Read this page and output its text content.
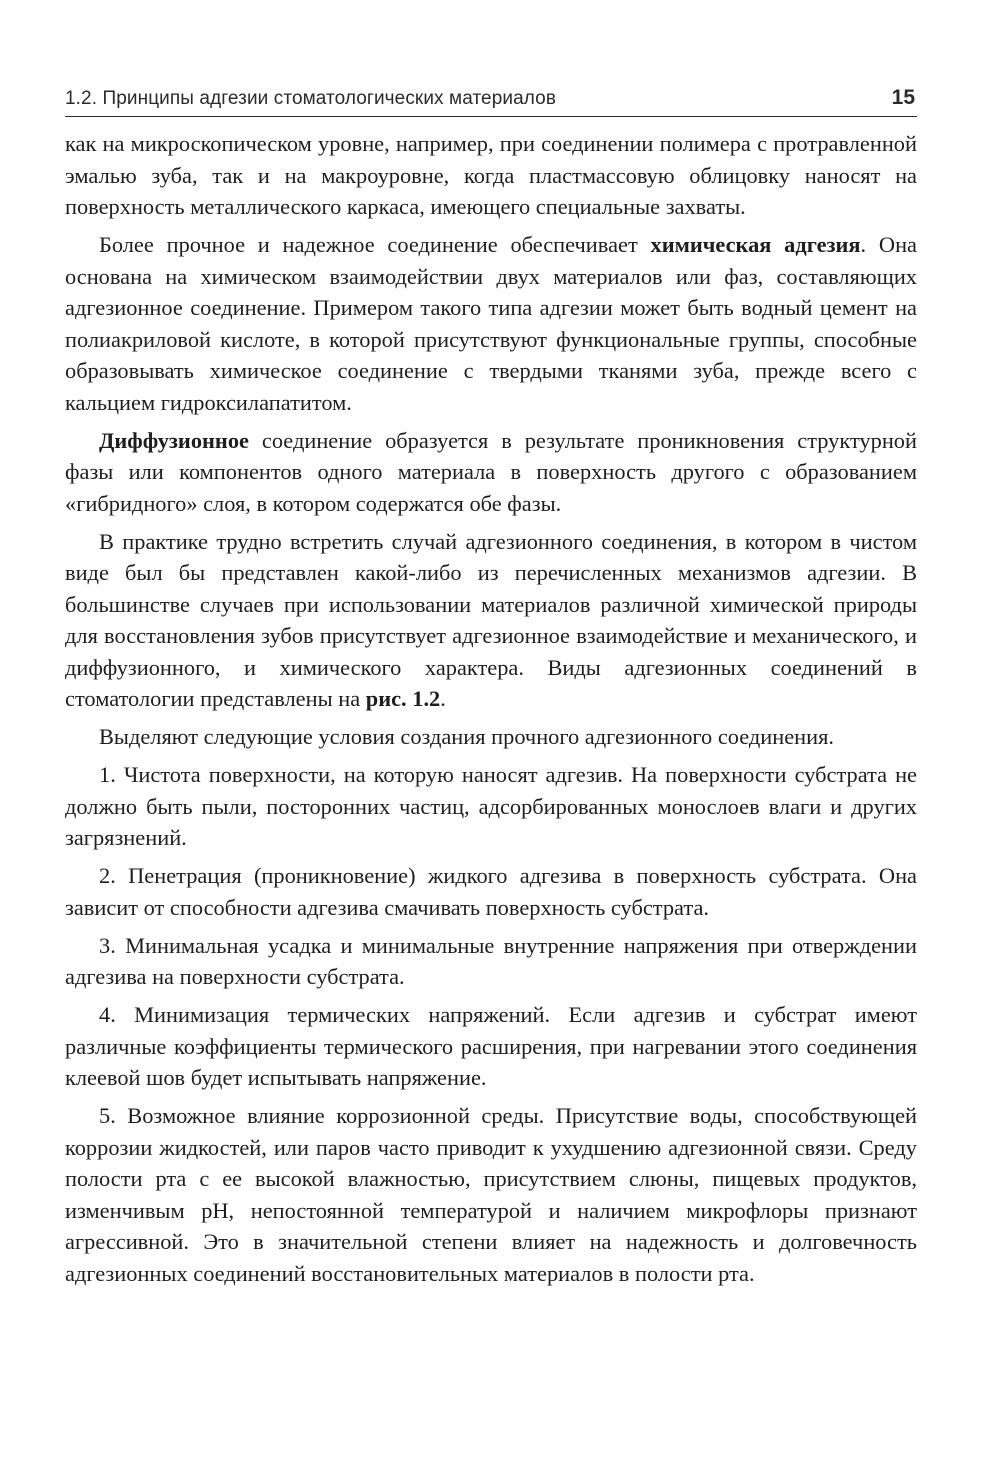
1.2. Принципы адгезии стоматологических материалов	15

как на микроскопическом уровне, например, при соединении полимера с протравленной эмалью зуба, так и на макроуровне, когда пластмассовую облицовку наносят на поверхность металлического каркаса, имеющего специальные захваты.

Более прочное и надежное соединение обеспечивает химическая адгезия. Она основана на химическом взаимодействии двух материалов или фаз, составляющих адгезионное соединение. Примером такого типа адгезии может быть водный цемент на полиакриловой кислоте, в которой присутствуют функциональные группы, способные образовывать химическое соединение с твердыми тканями зуба, прежде всего с кальцием гидроксилапатитом.

Диффузионное соединение образуется в результате проникновения структурной фазы или компонентов одного материала в поверхность другого с образованием «гибридного» слоя, в котором содержатся обе фазы.

В практике трудно встретить случай адгезионного соединения, в котором в чистом виде был бы представлен какой-либо из перечисленных механизмов адгезии. В большинстве случаев при использовании материалов различной химической природы для восстановления зубов присутствует адгезионное взаимодействие и механического, и диффузионного, и химического характера. Виды адгезионных соединений в стоматологии представлены на рис. 1.2.

Выделяют следующие условия создания прочного адгезионного соединения.

1. Чистота поверхности, на которую наносят адгезив. На поверхности субстрата не должно быть пыли, посторонних частиц, адсорбированных монослоев влаги и других загрязнений.

2. Пенетрация (проникновение) жидкого адгезива в поверхность субстрата. Она зависит от способности адгезива смачивать поверхность субстрата.

3. Минимальная усадка и минимальные внутренние напряжения при отверждении адгезива на поверхности субстрата.

4. Минимизация термических напряжений. Если адгезив и субстрат имеют различные коэффициенты термического расширения, при нагревании этого соединения клеевой шов будет испытывать напряжение.

5. Возможное влияние коррозионной среды. Присутствие воды, способствующей коррозии жидкостей, или паров часто приводит к ухудшению адгезионной связи. Среду полости рта с ее высокой влажностью, присутствием слюны, пищевых продуктов, изменчивым pH, непостоянной температурой и наличием микрофлоры признают агрессивной. Это в значительной степени влияет на надежность и долговечность адгезионных соединений восстановительных материалов в полости рта.
